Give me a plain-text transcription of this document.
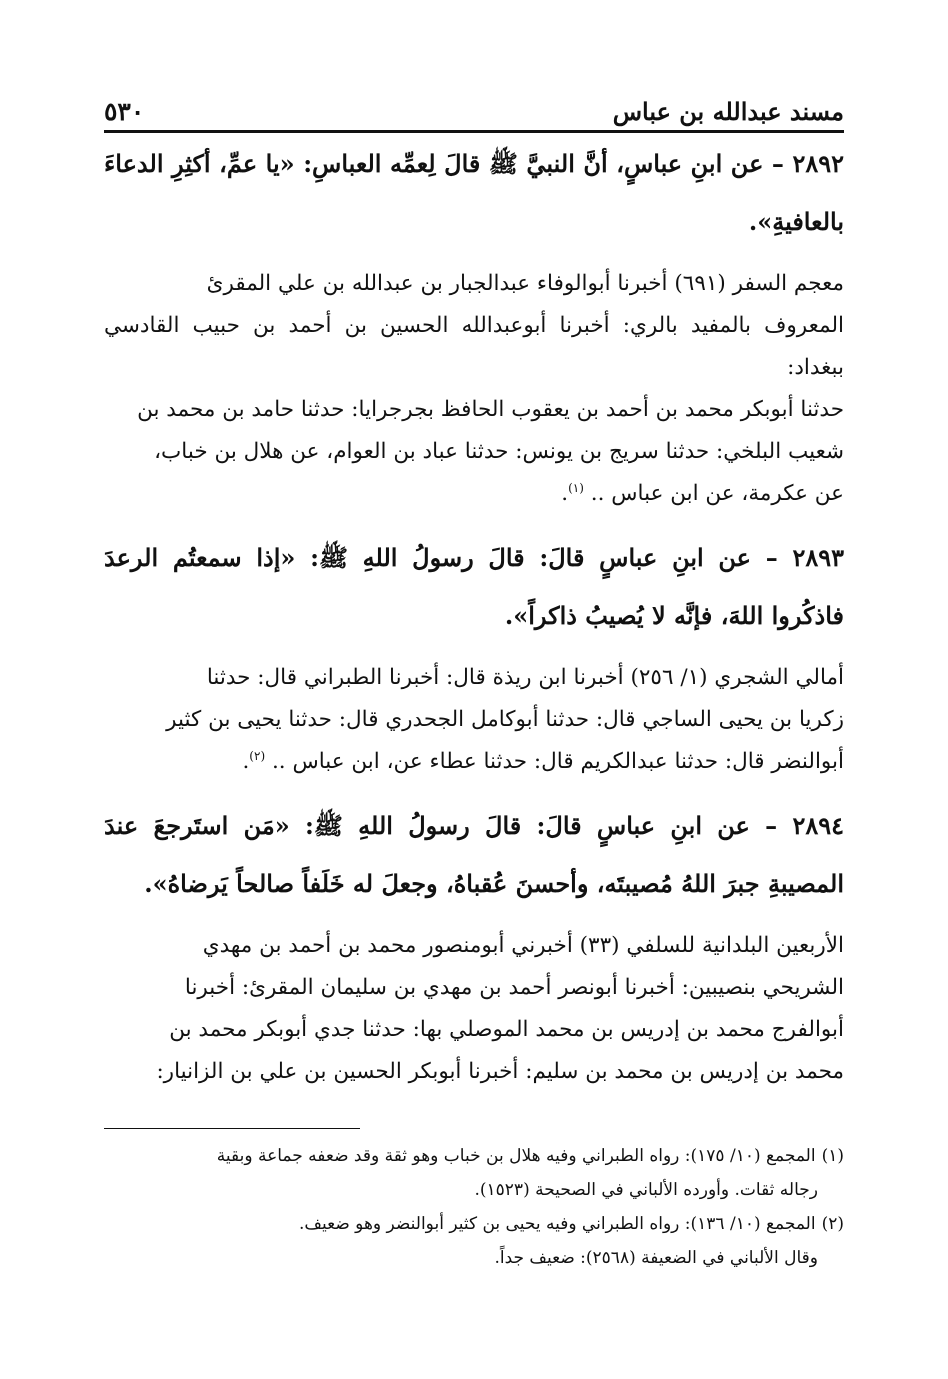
مسند عبدالله بن عباس
٥٣٠

٢٨٩٢ – عن ابنِ عباسٍ، أنَّ النبيَّ ﷺ قالَ لِعمِّه العباسِ: «يا عمِّ، أكثِرِ الدعاءَ بالعافيةِ».

معجم السفر (٦٩١) أخبرنا أبوالوفاء عبدالجبار بن عبدالله بن علي المقرئ

المعروف بالمفيد بالري: أخبرنا أبوعبدالله الحسين بن أحمد بن حبيب القادسي ببغداد:

حدثنا أبوبكر محمد بن أحمد بن يعقوب الحافظ بجرجرايا: حدثنا حامد بن محمد بن

شعيب البلخي: حدثنا سريج بن يونس: حدثنا عباد بن العوام، عن هلال بن خباب،

عن عكرمة، عن ابن عباس .. $^{(١)}$.

٢٨٩٣ – عن ابنِ عباسٍ قالَ: قالَ رسولُ اللهِ ﷺ: «إذا سمعتُم الرعدَ فاذكُروا اللهَ، فإنَّه لا يُصيبُ ذاكراً».

أمالي الشجري (١/ ٢٥٦) أخبرنا ابن ريذة قال: أخبرنا الطبراني قال: حدثنا

زكريا بن يحيى الساجي قال: حدثنا أبوكامل الجحدري قال: حدثنا يحيى بن كثير

أبوالنضر قال: حدثنا عبدالكريم قال: حدثنا عطاء عن، ابن عباس .. $^{(٢)}$.

٢٨٩٤ – عن ابنِ عباسٍ قالَ: قالَ رسولُ اللهِ ﷺ: «مَن استَرجعَ عندَ المصيبةِ جبرَ اللهُ مُصيبتَه، وأحسنَ عُقباهُ، وجعلَ له خَلَفاً صالحاً يَرضاهُ».

الأربعين البلدانية للسلفي (٣٣) أخبرني أبومنصور محمد بن أحمد بن مهدي

الشريحي بنصيبين: أخبرنا أبونصر أحمد بن مهدي بن سليمان المقرئ: أخبرنا

أبوالفرج محمد بن إدريس بن محمد الموصلي بها: حدثنا جدي أبوبكر محمد بن

محمد بن إدريس بن محمد بن سليم: أخبرنا أبوبكر الحسين بن علي بن الزانيار:

(١)المجمع (١٠/ ١٧٥): رواه الطبراني وفيه هلال بن خباب وهو ثقة وقد ضعفه جماعة وبقية

رجاله ثقات. وأورده الألباني في الصحيحة (١٥٢٣).

(٢)المجمع (١٠/ ١٣٦): رواه الطبراني وفيه يحيى بن كثير أبوالنضر وهو ضعيف.

وقال الألباني في الضعيفة (٢٥٦٨): ضعيف جداً.
